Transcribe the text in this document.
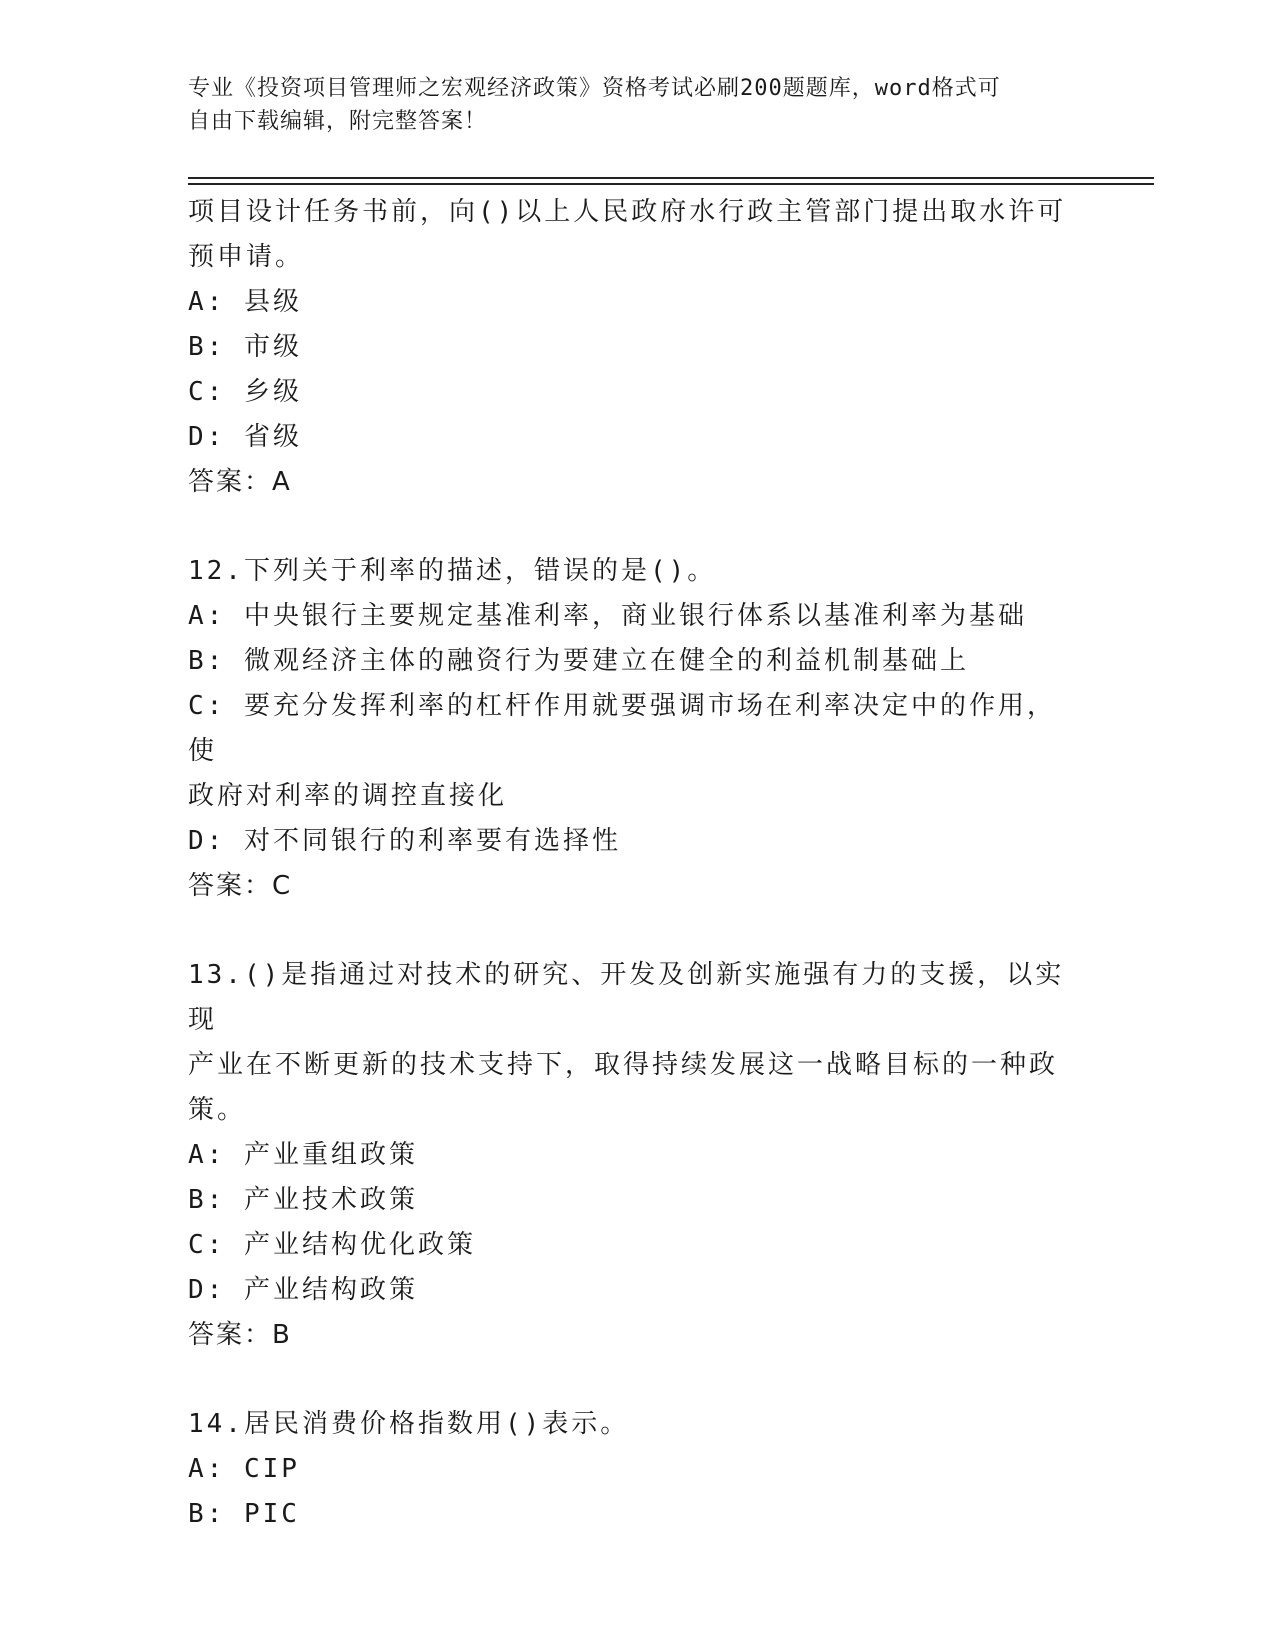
专业《投资项目管理师之宏观经济政策》资格考试必刷200题题库，word格式可
自由下载编辑，附完整答案！
项目设计任务书前，向()以上人民政府水行政主管部门提出取水许可
预申请。
A: 县级
B: 市级
C: 乡级
D: 省级
答案：A
12.下列关于利率的描述，错误的是()。
A: 中央银行主要规定基准利率，商业银行体系以基准利率为基础
B: 微观经济主体的融资行为要建立在健全的利益机制基础上
C: 要充分发挥利率的杠杆作用就要强调市场在利率决定中的作用，使
政府对利率的调控直接化
D: 对不同银行的利率要有选择性
答案：C
13.()是指通过对技术的研究、开发及创新实施强有力的支援，以实现
产业在不断更新的技术支持下，取得持续发展这一战略目标的一种政
策。
A: 产业重组政策
B: 产业技术政策
C: 产业结构优化政策
D: 产业结构政策
答案：B
14.居民消费价格指数用()表示。
A: CIP
B: PIC
